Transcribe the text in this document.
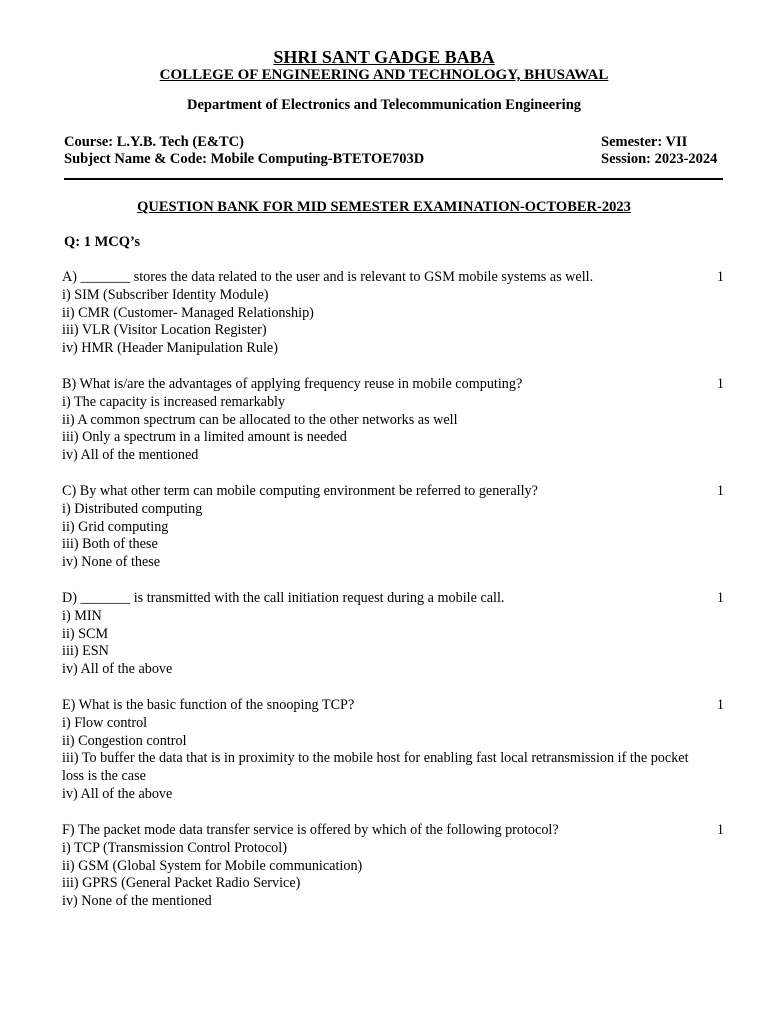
SHRI SANT GADGE BABA
COLLEGE OF ENGINEERING AND TECHNOLOGY, BHUSAWAL
Department of Electronics and Telecommunication Engineering
Course: L.Y.B. Tech (E&TC)
Subject Name & Code: Mobile Computing-BTETOE703D
Semester: VII
Session: 2023-2024
QUESTION BANK FOR MID SEMESTER EXAMINATION-OCTOBER-2023
Q: 1 MCQ’s
A) _______ stores the data related to the user and is relevant to GSM mobile systems as well.	1
i) SIM (Subscriber Identity Module)
ii) CMR (Customer- Managed Relationship)
iii) VLR (Visitor Location Register)
iv) HMR (Header Manipulation Rule)
B) What is/are the advantages of applying frequency reuse in mobile computing?	1
i) The capacity is increased remarkably
ii) A common spectrum can be allocated to the other networks as well
iii) Only a spectrum in a limited amount is needed
iv) All of the mentioned
C) By what other term can mobile computing environment be referred to generally?	1
i) Distributed computing
ii) Grid computing
iii) Both of these
iv) None of these
D) _______ is transmitted with the call initiation request during a mobile call.	1
i) MIN
ii) SCM
iii) ESN
iv) All of the above
E) What is the basic function of the snooping TCP?	1
i) Flow control
ii) Congestion control
iii) To buffer the data that is in proximity to the mobile host for enabling fast local retransmission if the pocket loss is the case
iv) All of the above
F) The packet mode data transfer service is offered by which of the following protocol?	1
i) TCP (Transmission Control Protocol)
ii) GSM (Global System for Mobile communication)
iii) GPRS (General Packet Radio Service)
iv) None of the mentioned
